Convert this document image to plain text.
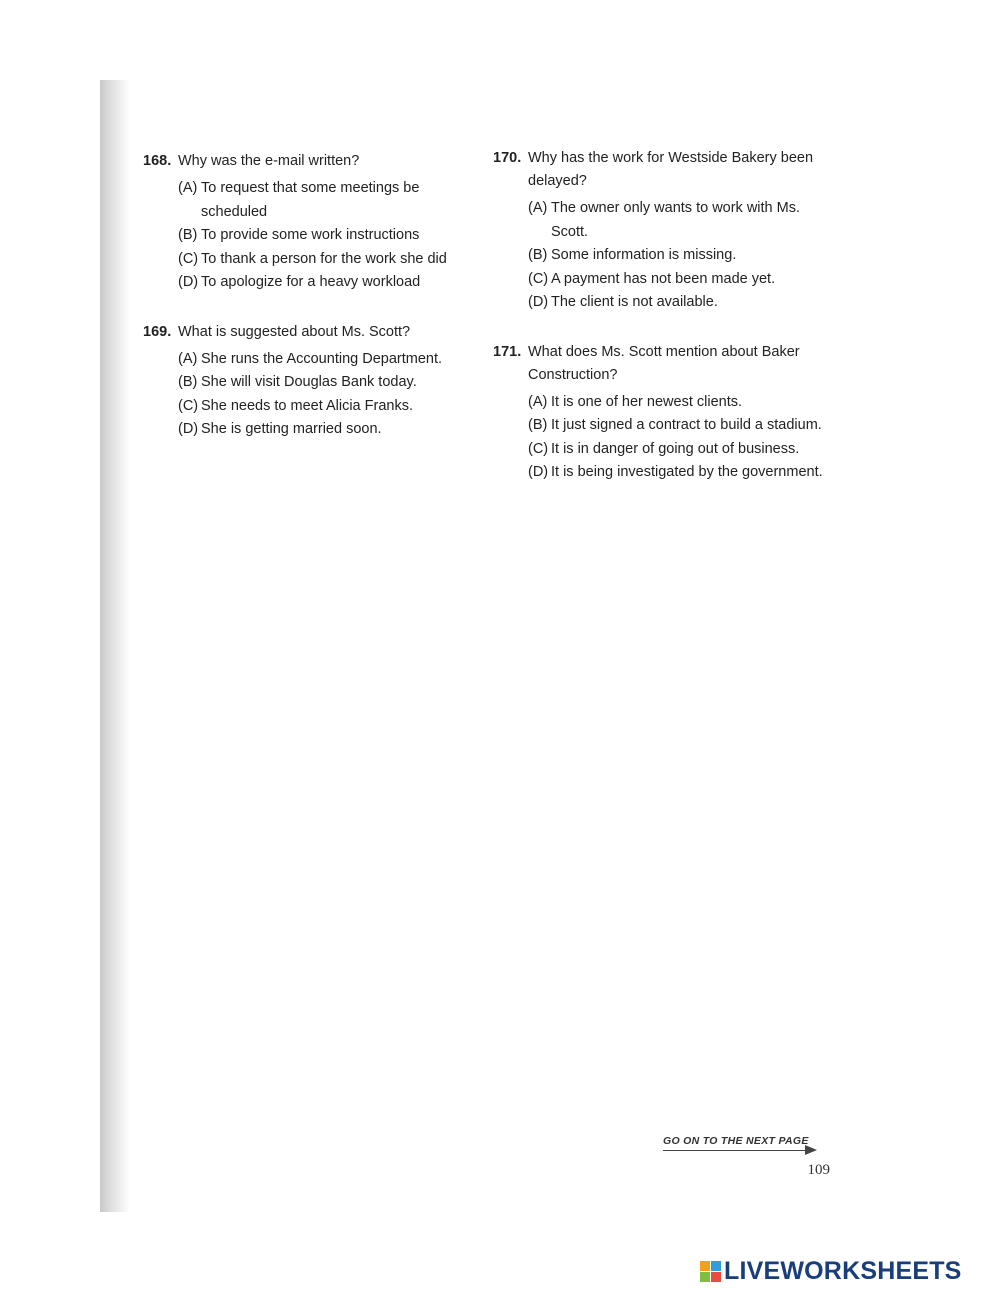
168. Why was the e-mail written?
(A) To request that some meetings be scheduled
(B) To provide some work instructions
(C) To thank a person for the work she did
(D) To apologize for a heavy workload
169. What is suggested about Ms. Scott?
(A) She runs the Accounting Department.
(B) She will visit Douglas Bank today.
(C) She needs to meet Alicia Franks.
(D) She is getting married soon.
170. Why has the work for Westside Bakery been delayed?
(A) The owner only wants to work with Ms. Scott.
(B) Some information is missing.
(C) A payment has not been made yet.
(D) The client is not available.
171. What does Ms. Scott mention about Baker Construction?
(A) It is one of her newest clients.
(B) It just signed a contract to build a stadium.
(C) It is in danger of going out of business.
(D) It is being investigated by the government.
GO ON TO THE NEXT PAGE
109
LIVEWORKSHEETS
